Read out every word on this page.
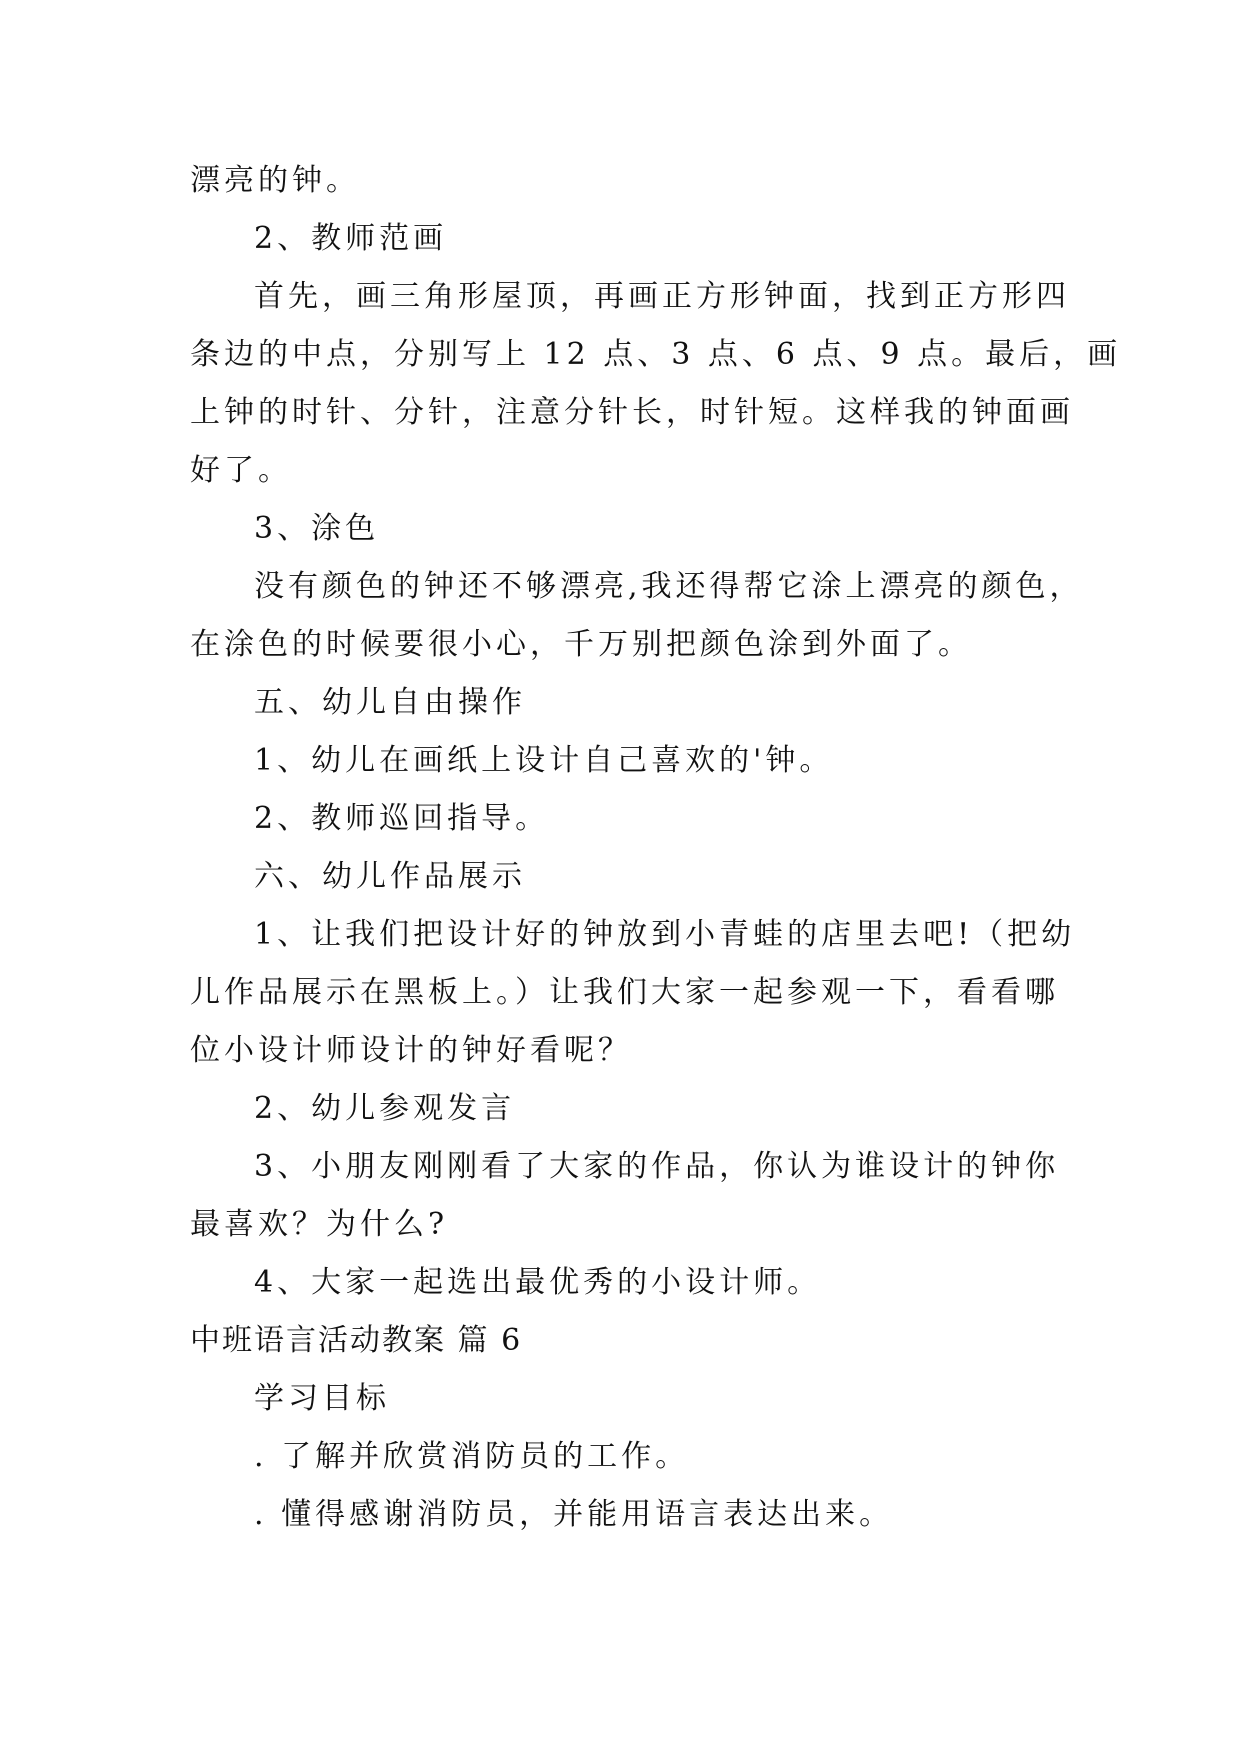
漂亮的钟。
2、教师范画
首先，画三角形屋顶，再画正方形钟面，找到正方形四
条边的中点，分别写上 12 点、3 点、6 点、9 点。最后，画
上钟的时针、分针，注意分针长，时针短。这样我的钟面画
好了。
3、涂色
没有颜色的钟还不够漂亮,我还得帮它涂上漂亮的颜色，
在涂色的时候要很小心，千万别把颜色涂到外面了。
五、幼儿自由操作
1、幼儿在画纸上设计自己喜欢的'钟。
2、教师巡回指导。
六、幼儿作品展示
1、让我们把设计好的钟放到小青蛙的店里去吧!（把幼
儿作品展示在黑板上。）让我们大家一起参观一下，看看哪
位小设计师设计的钟好看呢？
2、幼儿参观发言
3、小朋友刚刚看了大家的作品，你认为谁设计的钟你
最喜欢？为什么?
4、大家一起选出最优秀的小设计师。
中班语言活动教案 篇 6
学习目标
. 了解并欣赏消防员的工作。
. 懂得感谢消防员，并能用语言表达出来。
